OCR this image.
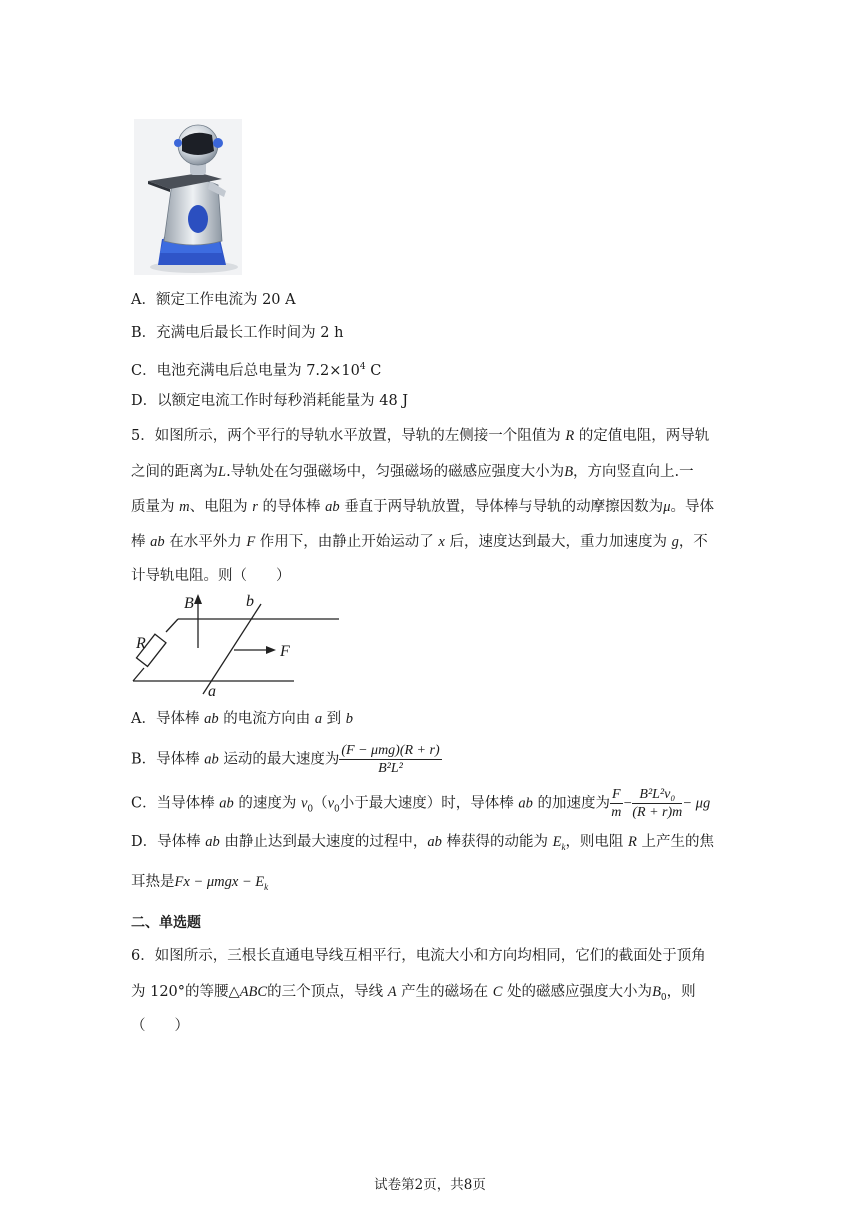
A．额定工作电流为 20 A
B．充满电后最长工作时间为 2 h
C．电池充满电后总电量为 $7.2\times 10^4$ C
D．以额定电流工作时每秒消耗能量为 48 J
5．如图所示，两个平行的导轨水平放置，导轨的左侧接一个阻值为 R 的定值电阻，两导轨
之间的距离为L.导轨处在匀强磁场中，匀强磁场的磁感应强度大小为B，方向竖直向上.一
质量为 m、电阻为 r 的导体棒 ab 垂直于两导轨放置，导体棒与导轨的动摩擦因数为μ。导体
棒 ab 在水平外力 F 作用下，由静止开始运动了 x 后，速度达到最大，重力加速度为 g，不
计导轨电阻。则（　　）
B	b
R	F
a
A．导体棒 ab 的电流方向由 a 到 b
B．导体棒 ab 运动的最大速度为 $\frac{\text{(F − μmg)(R + r)}}{\text{B²L²}}$
C．当导体棒 ab 的速度为 $v_0(v_0$小于最大速度）时，导体棒 ab 的加速度为 $\frac{F}{m} - \frac{\text{B²L²v₀}}{(R + r)m} - \mu g$
D．导体棒 ab 由静止达到最大速度的过程中，ab 棒获得的动能为 $E_k$，则电阻 R 上产生的焦
耳热是$Fx - \mu mgx - E_k$
二、单选题
6．如图所示，三根长直通电导线互相平行，电流大小和方向均相同，它们的截面处于顶角
为 120°的等腰△ABC的三个顶点，导线 A 产生的磁场在 C 处的磁感应强度大小为$B_0$，则
（　　）
试卷第2页，共8页
